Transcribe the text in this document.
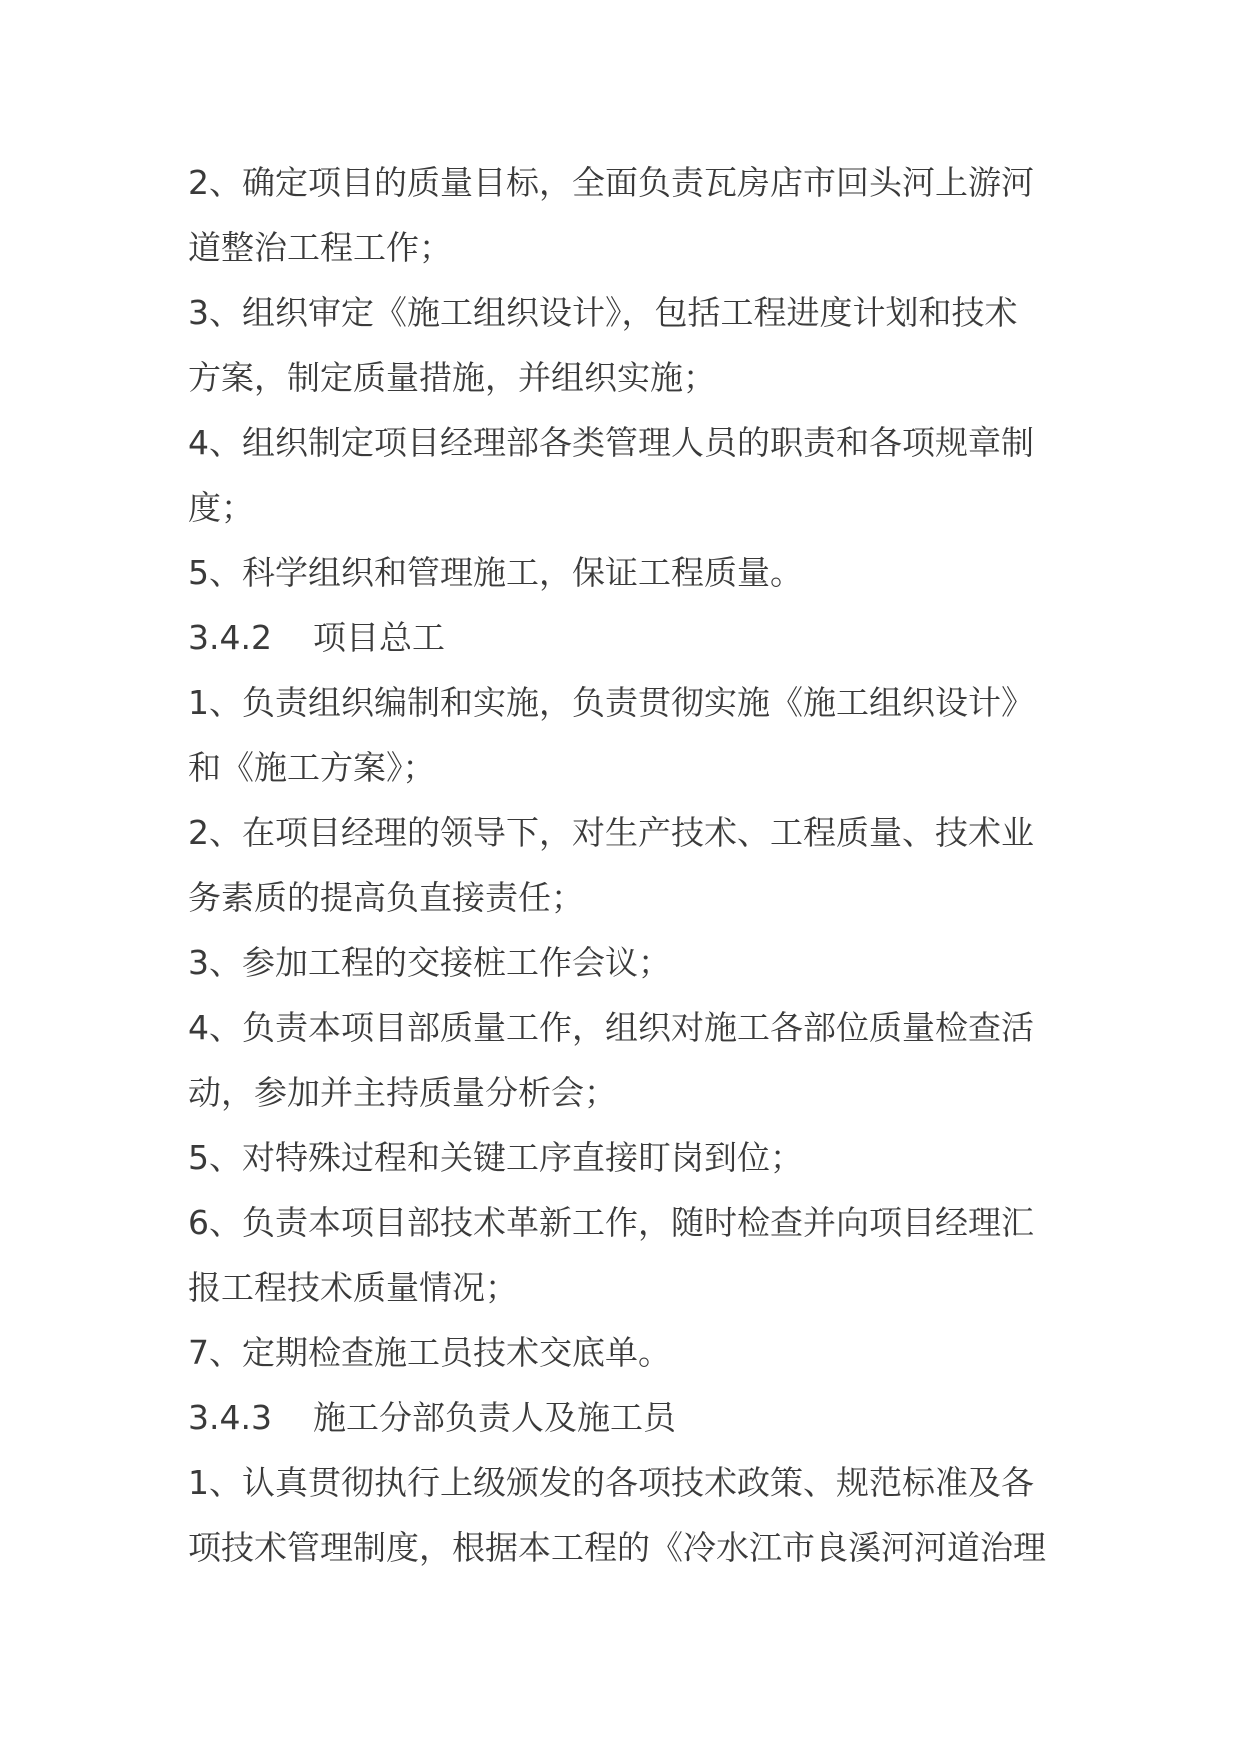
2、确定项目的质量目标，全面负责瓦房店市回头河上游河
道整治工程工作；
3、组织审定《施工组织设计》，包括工程进度计划和技术
方案，制定质量措施，并组织实施；
4、组织制定项目经理部各类管理人员的职责和各项规章制
度；
5、科学组织和管理施工，保证工程质量。
3.4.2 项目总工
1、负责组织编制和实施，负责贯彻实施《施工组织设计》
和《施工方案》；
2、在项目经理的领导下，对生产技术、工程质量、技术业
务素质的提高负直接责任；
3、参加工程的交接桩工作会议；
4、负责本项目部质量工作，组织对施工各部位质量检查活
动，参加并主持质量分析会；
5、对特殊过程和关键工序直接盯岗到位；
6、负责本项目部技术革新工作，随时检查并向项目经理汇
报工程技术质量情况；
7、定期检查施工员技术交底单。
3.4.3 施工分部负责人及施工员
1、认真贯彻执行上级颁发的各项技术政策、规范标准及各
项技术管理制度，根据本工程的《冷水江市良溪河河道治理
